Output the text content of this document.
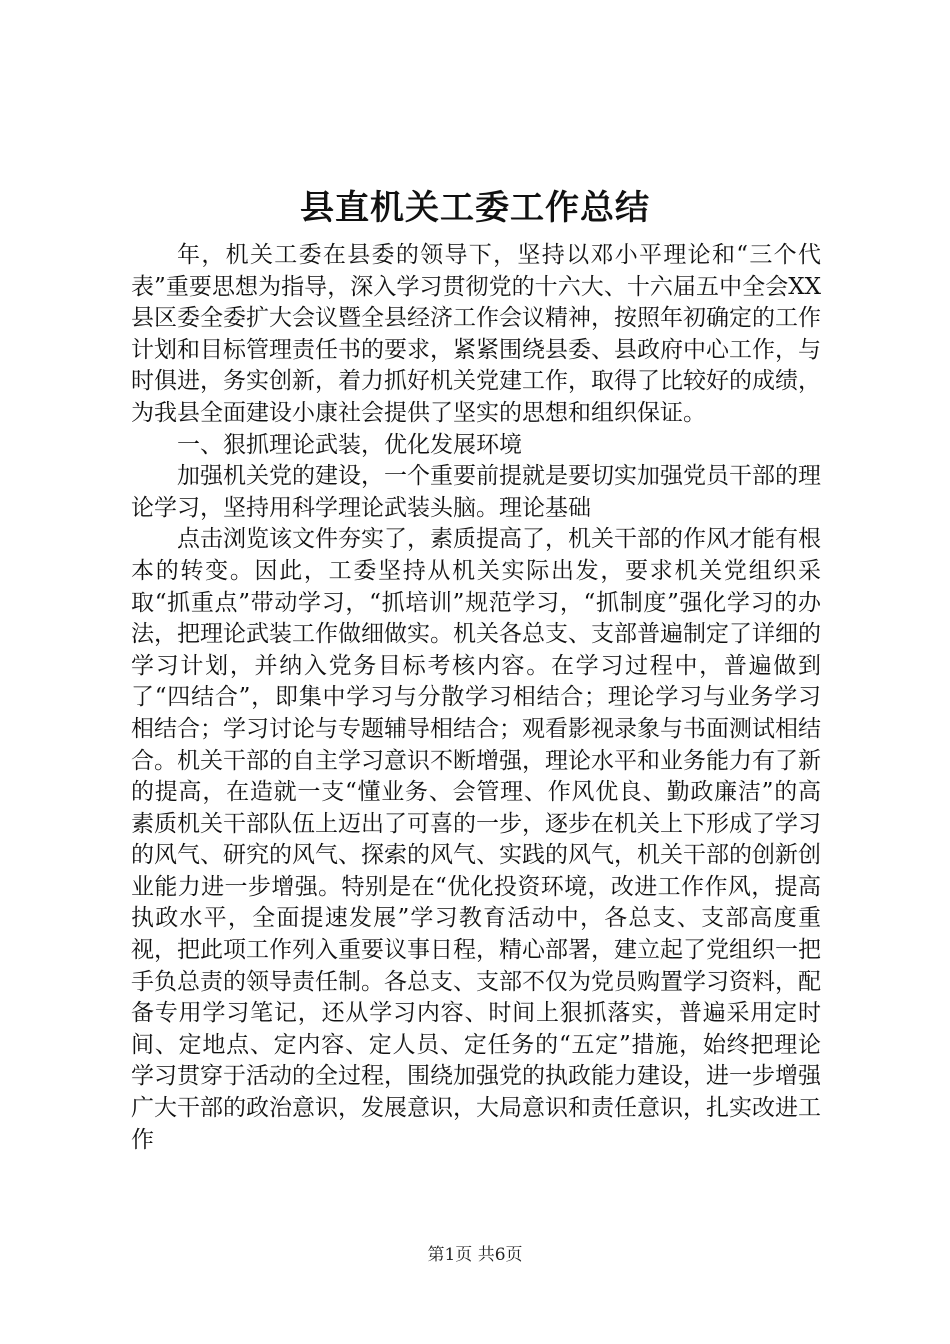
县直机关工委工作总结

年，机关工委在县委的领导下，坚持以邓小平理论和“三个代表”重要思想为指导，深入学习贯彻党的十六大、十六届五中全会XX县区委全委扩大会议暨全县经济工作会议精神，按照年初确定的工作计划和目标管理责任书的要求，紧紧围绕县委、县政府中心工作，与时俱进，务实创新，着力抓好机关党建工作，取得了比较好的成绩，为我县全面建设小康社会提供了坚实的思想和组织保证。

一、狠抓理论武装，优化发展环境

加强机关党的建设，一个重要前提就是要切实加强党员干部的理论学习，坚持用科学理论武装头脑。理论基础

点击浏览该文件夯实了，素质提高了，机关干部的作风才能有根本的转变。因此，工委坚持从机关实际出发，要求机关党组织采取“抓重点”带动学习，“抓培训”规范学习，“抓制度”强化学习的办法，把理论武装工作做细做实。机关各总支、支部普遍制定了详细的学习计划，并纳入党务目标考核内容。在学习过程中，普遍做到了“四结合”，即集中学习与分散学习相结合；理论学习与业务学习相结合；学习讨论与专题辅导相结合；观看影视录象与书面测试相结合。机关干部的自主学习意识不断增强，理论水平和业务能力有了新的提高，在造就一支“懂业务、会管理、作风优良、勤政廉洁”的高素质机关干部队伍上迈出了可喜的一步，逐步在机关上下形成了学习的风气、研究的风气、探索的风气、实践的风气，机关干部的创新创业能力进一步增强。特别是在“优化投资环境，改进工作作风，提高执政水平，全面提速发展”学习教育活动中，各总支、支部高度重视，把此项工作列入重要议事日程，精心部署，建立起了党组织一把手负总责的领导责任制。各总支、支部不仅为党员购置学习资料，配备专用学习笔记，还从学习内容、时间上狠抓落实，普遍采用定时间、定地点、定内容、定人员、定任务的“五定”措施，始终把理论学习贯穿于活动的全过程，围绕加强党的执政能力建设，进一步增强广大干部的政治意识，发展意识，大局意识和责任意识，扎实改进工作

第1页 共6页
